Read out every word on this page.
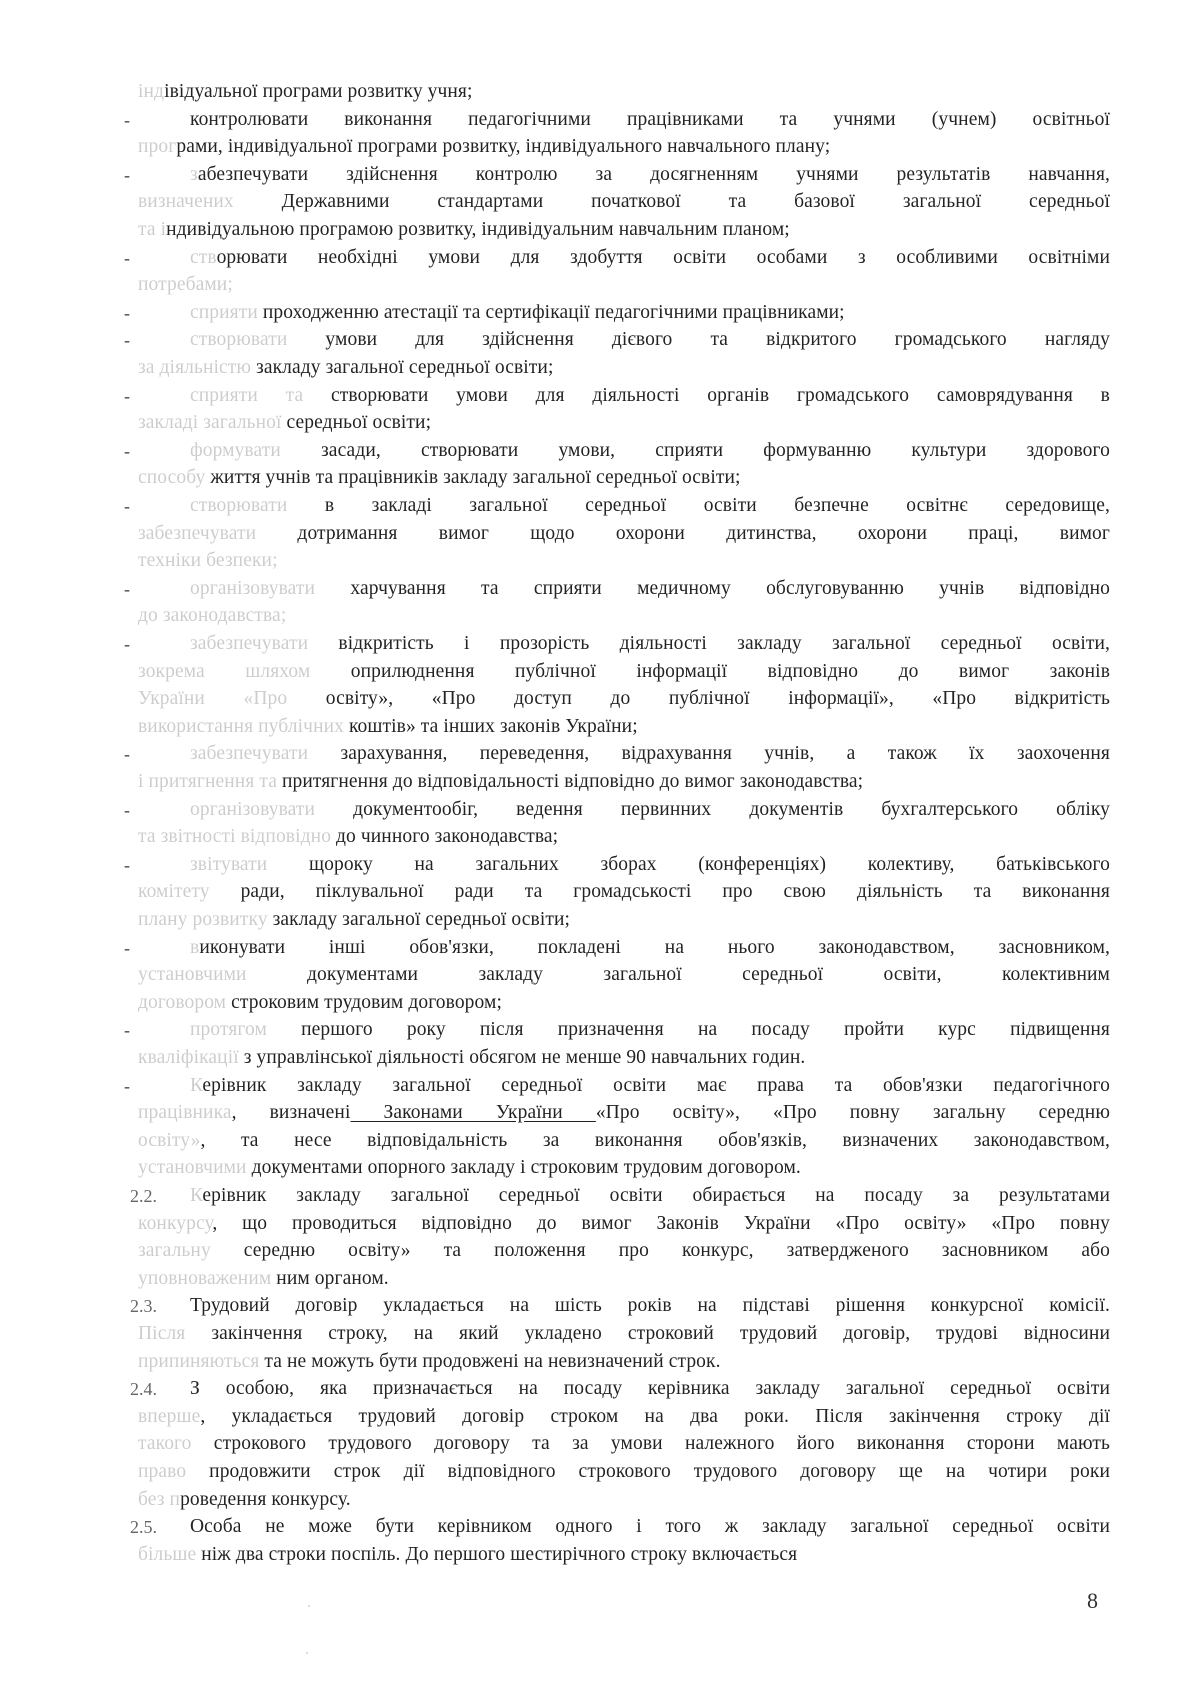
8
індівідуальної програми розвитку учня;
-	контролювати виконання педагогічними працівниками та учнями (учнем) освітньої
програми, індивідуальної програми розвитку, індивідуального навчального плану;
-	забезпечувати здійснення контролю за досягненням учнями результатів навчання,
визначених Державними стандартами початкової та базової загальної середньої
та індивідуальною програмою розвитку, індивідуальним навчальним планом;
-	створювати необхідні умови для здобуття освіти особами з особливими освітніми
потребами;
-	сприяти проходженню атестації та сертифікації педагогічними працівниками;
-	створювати умови для здійснення дієвого та відкритого громадського нагляду
за діяльністю закладу загальної середньої освіти;
-	сприяти та створювати умови для діяльності органів громадського самоврядування в
закладі загальної середньої освіти;
-	формувати засади, створювати умови, сприяти формуванню культури здорового
способу життя учнів та працівників закладу загальної середньої освіти;
-	створювати в закладі загальної середньої освіти безпечне освітнє середовище,
забезпечувати дотримання вимог щодо охорони дитинства, охорони праці, вимог
техніки безпеки;
-	організовувати харчування та сприяти медичному обслуговуванню учнів відповідно
до законодавства;
-	забезпечувати відкритість і прозорість діяльності закладу загальної середньої освіти,
зокрема шляхом оприлюднення публічної інформації відповідно до вимог законів
України «Про освіту», «Про доступ до публічної інформації», «Про відкритість
використання публічних коштів» та інших законів України;
-	забезпечувати зарахування, переведення, відрахування учнів, а також їх заохочення
і притягнення та притягнення до відповідальності відповідно до вимог законодавства;
-	організовувати документообіг, ведення первинних документів бухгалтерського обліку
та звітності відповідно до чинного законодавства;
-	звітувати щороку на загальних зборах (конференціях) колективу, батьківського
комітету ради, піклувальної ради та громадськості про свою діяльність та виконання
плану розвитку закладу загальної середньої освіти;
-	виконувати інші обов'язки, покладені на нього законодавством, засновником,
установчими документами закладу загальної середньої освіти, колективним
договором строковим трудовим договором;
-	протягом першого року після призначення на посаду пройти курс підвищення
кваліфікації з управлінської діяльності обсягом не менше 90 навчальних годин.
-	Керівник закладу загальної середньої освіти має права та обов'язки педагогічного
працівника, визначені Законами України «Про освіту», «Про повну загальну середню
освіту», та несе відповідальність за виконання обов'язків, визначених законодавством,
установчими документами опорного закладу і строковим трудовим договором.
2.2. Керівник закладу загальної середньої освіти обирається на посаду за результатами
конкурсу, що проводиться відповідно до вимог Законів України «Про освіту» «Про повну
загальну середню освіту» та положення про конкурс, затвердженого засновником або
уповноваженим ним органом.
2.3. Трудовий договір укладається на шість років на підставі рішення конкурсної комісії.
Після закінчення строку, на який укладено строковий трудовий договір, трудові відносини
припиняються та не можуть бути продовжені на невизначений строк.
2.4. З особою, яка призначається на посаду керівника закладу загальної середньої освіти
вперше, укладається трудовий договір строком на два роки. Після закінчення строку дії
такого строкового трудового договору та за умови належного його виконання сторони мають
право продовжити строк дії відповідного строкового трудового договору ще на чотири роки
без проведення конкурсу.
2.5. Особа не може бути керівником одного і того ж закладу загальної середньої освіти
більше ніж два строки поспіль. До першого шестирічного строку включається
